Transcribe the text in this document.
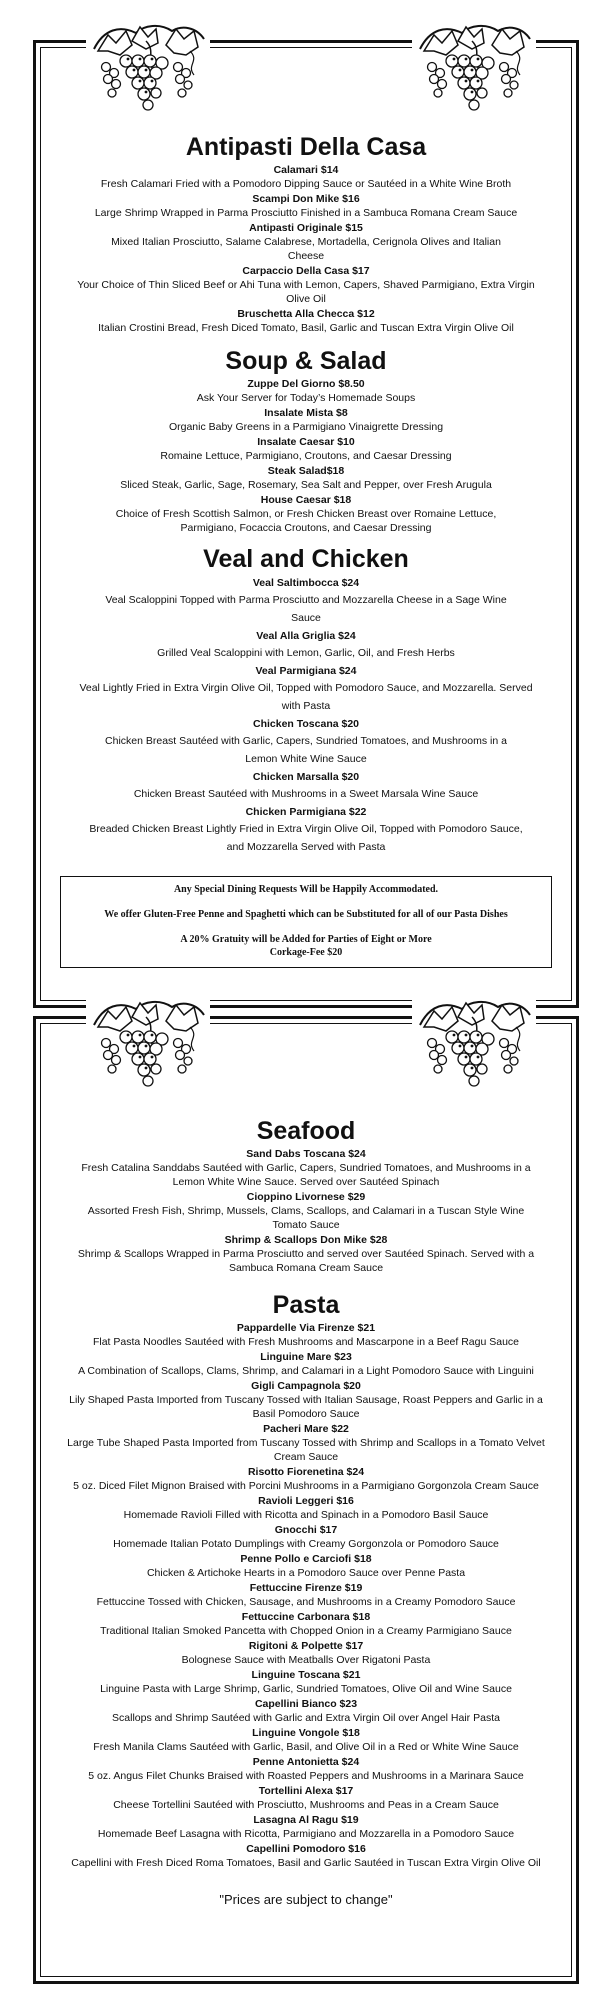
Antipasti Della Casa

Calamari $14

Fresh Calamari Fried with a Pomodoro Dipping Sauce or Sautéed in a White Wine Broth

Scampi Don Mike $16

Large Shrimp Wrapped in Parma Prosciutto Finished in a Sambuca Romana Cream Sauce

Antipasti Originale $15

Mixed Italian Prosciutto, Salame Calabrese, Mortadella, Cerignola Olives and Italian Cheese

Carpaccio Della Casa $17

Your Choice of Thin Sliced Beef or Ahi Tuna with Lemon, Capers, Shaved Parmigiano, Extra Virgin Olive Oil

Bruschetta Alla Checca $12

Italian Crostini Bread, Fresh Diced Tomato, Basil, Garlic and Tuscan Extra Virgin Olive Oil

Soup & Salad

Zuppe Del Giorno $8.50

Ask Your Server for Today’s Homemade Soups

Insalate Mista $8

Organic Baby Greens in a Parmigiano Vinaigrette Dressing

Insalate Caesar $10

Romaine Lettuce, Parmigiano, Croutons, and Caesar Dressing

Steak Salad$18

Sliced Steak, Garlic, Sage, Rosemary, Sea Salt and Pepper, over Fresh Arugula

House Caesar $18

Choice of Fresh Scottish Salmon, or Fresh Chicken Breast over Romaine Lettuce, Parmigiano, Focaccia Croutons, and Caesar Dressing

Veal and Chicken

Veal Saltimbocca $24

Veal Scaloppini Topped with Parma Prosciutto and Mozzarella Cheese in a Sage Wine Sauce

Veal Alla Griglia $24

Grilled Veal Scaloppini with Lemon, Garlic, Oil, and Fresh Herbs

Veal Parmigiana $24

Veal Lightly Fried in Extra Virgin Olive Oil, Topped with Pomodoro Sauce, and Mozzarella. Served with Pasta

Chicken Toscana $20

Chicken Breast Sautéed with Garlic, Capers, Sundried Tomatoes, and Mushrooms in a Lemon White Wine Sauce

Chicken Marsalla $20

Chicken Breast Sautéed with Mushrooms in a Sweet Marsala Wine Sauce

Chicken Parmigiana $22

Breaded Chicken Breast Lightly Fried in Extra Virgin Olive Oil, Topped with Pomodoro Sauce, and Mozzarella Served with Pasta

Any Special Dining Requests Will be Happily Accommodated.

We offer Gluten-Free Penne and Spaghetti which can be Substituted for all of our Pasta Dishes

A 20% Gratuity will be Added for Parties of Eight or More

Corkage-Fee $20

Seafood

Sand Dabs Toscana $24

Fresh Catalina Sanddabs Sautéed with Garlic, Capers, Sundried Tomatoes, and Mushrooms in a Lemon White Wine Sauce. Served over Sautéed Spinach

Cioppino Livornese $29

Assorted Fresh Fish, Shrimp, Mussels, Clams, Scallops, and Calamari in a Tuscan Style Wine Tomato Sauce

Shrimp & Scallops Don Mike $28

Shrimp & Scallops Wrapped in Parma Prosciutto and served over Sautéed Spinach. Served with a Sambuca Romana Cream Sauce

Pasta

Pappardelle Via Firenze $21

Flat Pasta Noodles Sautéed with Fresh Mushrooms and Mascarpone in a Beef Ragu Sauce

Linguine Mare $23

A Combination of Scallops, Clams, Shrimp, and Calamari in a Light Pomodoro Sauce with Linguini

Gigli Campagnola $20

Lily Shaped Pasta Imported from Tuscany Tossed with Italian Sausage, Roast Peppers and Garlic in a Basil Pomodoro Sauce

Pacheri Mare $22

Large Tube Shaped Pasta Imported from Tuscany Tossed with Shrimp and Scallops in a Tomato Velvet Cream Sauce

Risotto Fiorenetina $24

5 oz. Diced Filet Mignon Braised with Porcini Mushrooms in a Parmigiano Gorgonzola Cream Sauce

Ravioli Leggeri $16

Homemade Ravioli Filled with Ricotta and Spinach in a Pomodoro Basil Sauce

Gnocchi $17

Homemade Italian Potato Dumplings with Creamy Gorgonzola or Pomodoro Sauce

Penne Pollo e Carciofi $18

Chicken & Artichoke Hearts in a Pomodoro Sauce over Penne Pasta

Fettuccine Firenze $19

Fettuccine Tossed with Chicken, Sausage, and Mushrooms in a Creamy Pomodoro Sauce

Fettuccine Carbonara $18

Traditional Italian Smoked Pancetta with Chopped Onion in a Creamy Parmigiano Sauce

Rigitoni & Polpette $17

Bolognese Sauce with Meatballs Over Rigatoni Pasta

Linguine Toscana $21

Linguine Pasta with Large Shrimp, Garlic, Sundried Tomatoes, Olive Oil and Wine Sauce

Capellini Bianco $23

Scallops and Shrimp Sautéed with Garlic and Extra Virgin Oil over Angel Hair Pasta

Linguine Vongole $18

Fresh Manila Clams Sautéed with Garlic, Basil, and Olive Oil in a Red or White Wine Sauce

Penne Antonietta $24

5 oz. Angus Filet Chunks Braised with Roasted Peppers and Mushrooms in a Marinara Sauce

Tortellini Alexa $17

Cheese Tortellini Sautéed with Prosciutto, Mushrooms and Peas in a Cream Sauce

Lasagna Al Ragu $19

Homemade Beef Lasagna with Ricotta, Parmigiano and Mozzarella in a Pomodoro Sauce

Capellini Pomodoro $16

Capellini with Fresh Diced Roma Tomatoes, Basil and Garlic Sautéed in Tuscan Extra Virgin Olive Oil

"Prices are subject to change"
